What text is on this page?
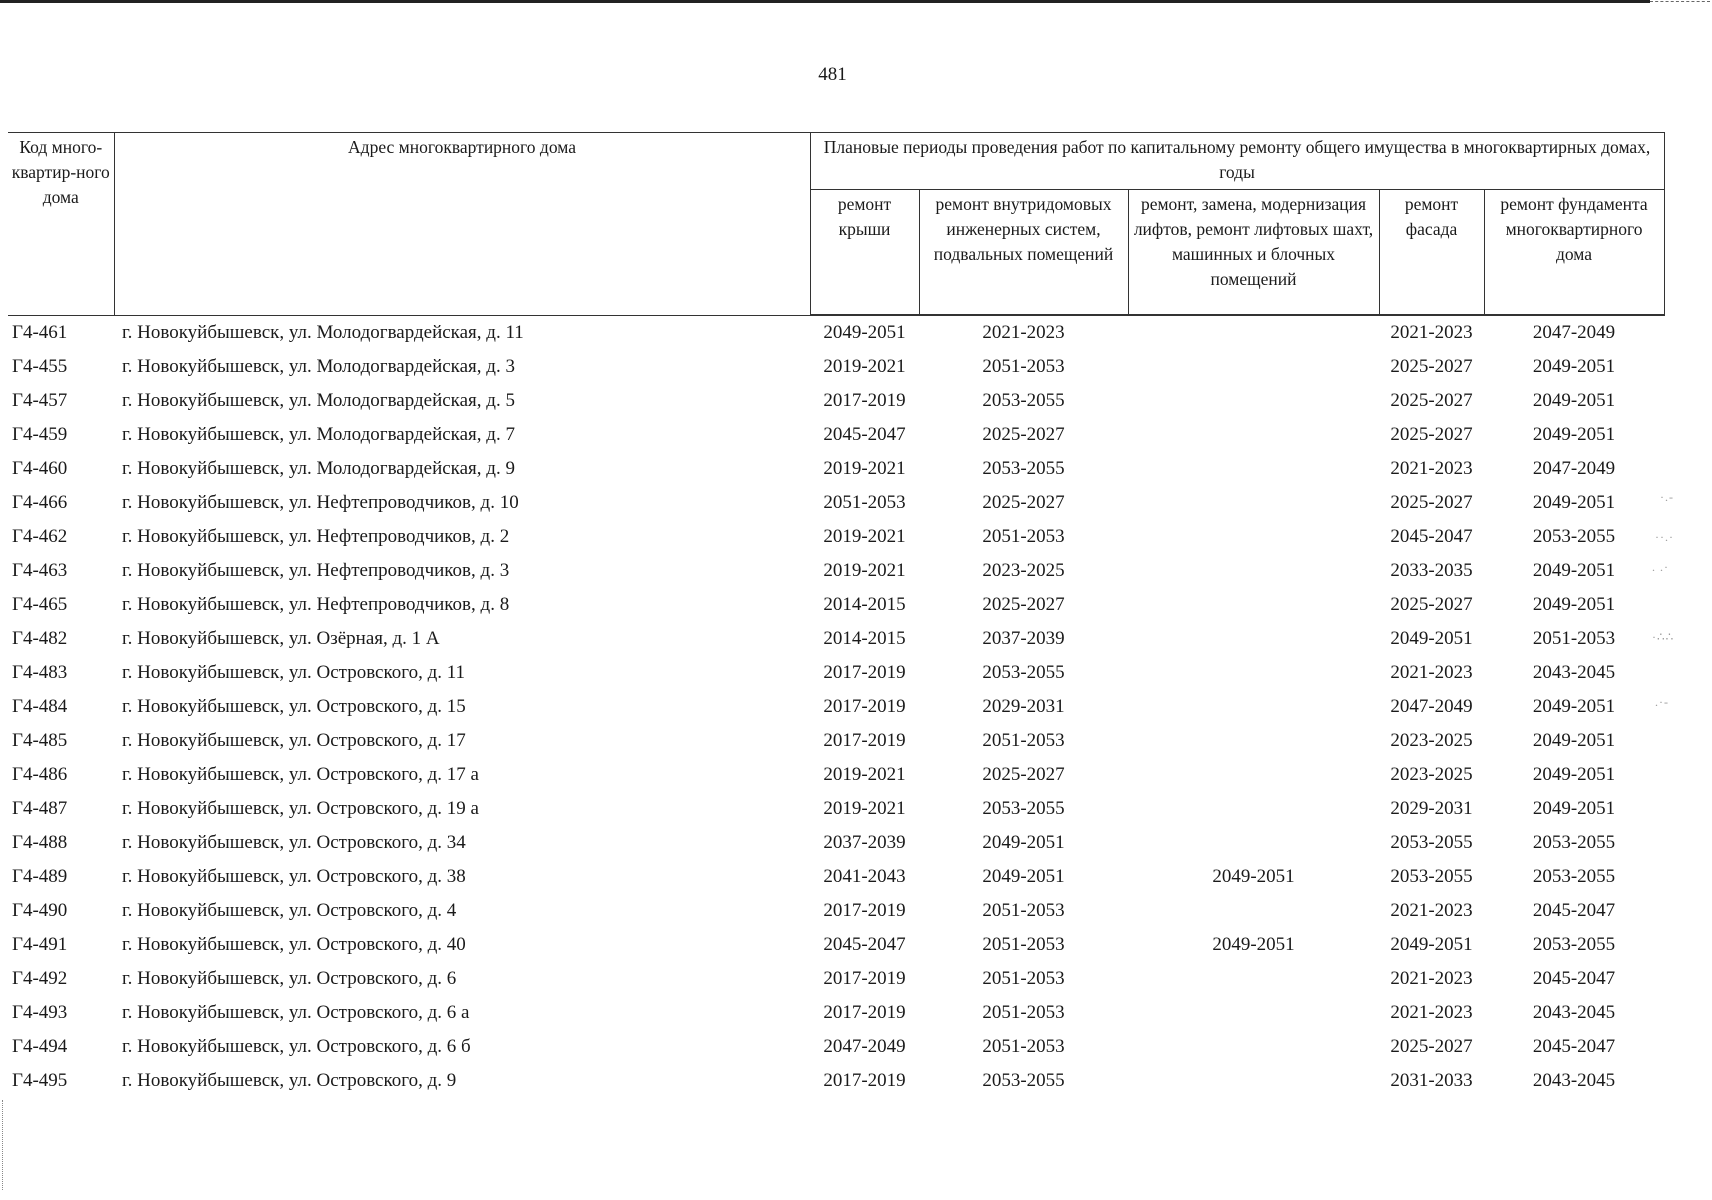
481
Код много-квартир-ного дома	Адрес многоквартирного дома	Плановые периоды проведения работ по капитальному ремонту общего имущества в многоквартирных домах, годы				
		ремонт крыши	ремонт внутридомовых инженерных систем, подвальных помещений	ремонт, замена, модернизация лифтов, ремонт лифтовых шахт, машинных и блочных помещений	ремонт фасада	ремонт фундамента многоквартирного дома
Г4-461	г. Новокуйбышевск, ул. Молодогвардейская, д. 11	2049-2051	2021-2023		2021-2023	2047-2049
Г4-455	г. Новокуйбышевск, ул. Молодогвардейская, д. 3	2019-2021	2051-2053		2025-2027	2049-2051
Г4-457	г. Новокуйбышевск, ул. Молодогвардейская, д. 5	2017-2019	2053-2055		2025-2027	2049-2051
Г4-459	г. Новокуйбышевск, ул. Молодогвардейская, д. 7	2045-2047	2025-2027		2025-2027	2049-2051
Г4-460	г. Новокуйбышевск, ул. Молодогвардейская, д. 9	2019-2021	2053-2055		2021-2023	2047-2049
Г4-466	г. Новокуйбышевск, ул. Нефтепроводчиков, д. 10	2051-2053	2025-2027		2025-2027	2049-2051
Г4-462	г. Новокуйбышевск, ул. Нефтепроводчиков, д. 2	2019-2021	2051-2053		2045-2047	2053-2055
Г4-463	г. Новокуйбышевск, ул. Нефтепроводчиков, д. 3	2019-2021	2023-2025		2033-2035	2049-2051
Г4-465	г. Новокуйбышевск, ул. Нефтепроводчиков, д. 8	2014-2015	2025-2027		2025-2027	2049-2051
Г4-482	г. Новокуйбышевск, ул. Озёрная, д. 1 А	2014-2015	2037-2039		2049-2051	2051-2053
Г4-483	г. Новокуйбышевск, ул. Островского, д. 11	2017-2019	2053-2055		2021-2023	2043-2045
Г4-484	г. Новокуйбышевск, ул. Островского, д. 15	2017-2019	2029-2031		2047-2049	2049-2051
Г4-485	г. Новокуйбышевск, ул. Островского, д. 17	2017-2019	2051-2053		2023-2025	2049-2051
Г4-486	г. Новокуйбышевск, ул. Островского, д. 17 а	2019-2021	2025-2027		2023-2025	2049-2051
Г4-487	г. Новокуйбышевск, ул. Островского, д. 19 а	2019-2021	2053-2055		2029-2031	2049-2051
Г4-488	г. Новокуйбышевск, ул. Островского, д. 34	2037-2039	2049-2051		2053-2055	2053-2055
Г4-489	г. Новокуйбышевск, ул. Островского, д. 38	2041-2043	2049-2051	2049-2051	2053-2055	2053-2055
Г4-490	г. Новокуйбышевск, ул. Островского, д. 4	2017-2019	2051-2053		2021-2023	2045-2047
Г4-491	г. Новокуйбышевск, ул. Островского, д. 40	2045-2047	2051-2053	2049-2051	2049-2051	2053-2055
Г4-492	г. Новокуйбышевск, ул. Островского, д. 6	2017-2019	2051-2053		2021-2023	2045-2047
Г4-493	г. Новокуйбышевск, ул. Островского, д. 6 а	2017-2019	2051-2053		2021-2023	2043-2045
Г4-494	г. Новокуйбышевск, ул. Островского, д. 6 б	2047-2049	2051-2053		2025-2027	2045-2047
Г4-495	г. Новокуйбышевск, ул. Островского, д. 9	2017-2019	2053-2055		2031-2033	2043-2045
·.-
··.·
. .·
·∴∴
.·-
